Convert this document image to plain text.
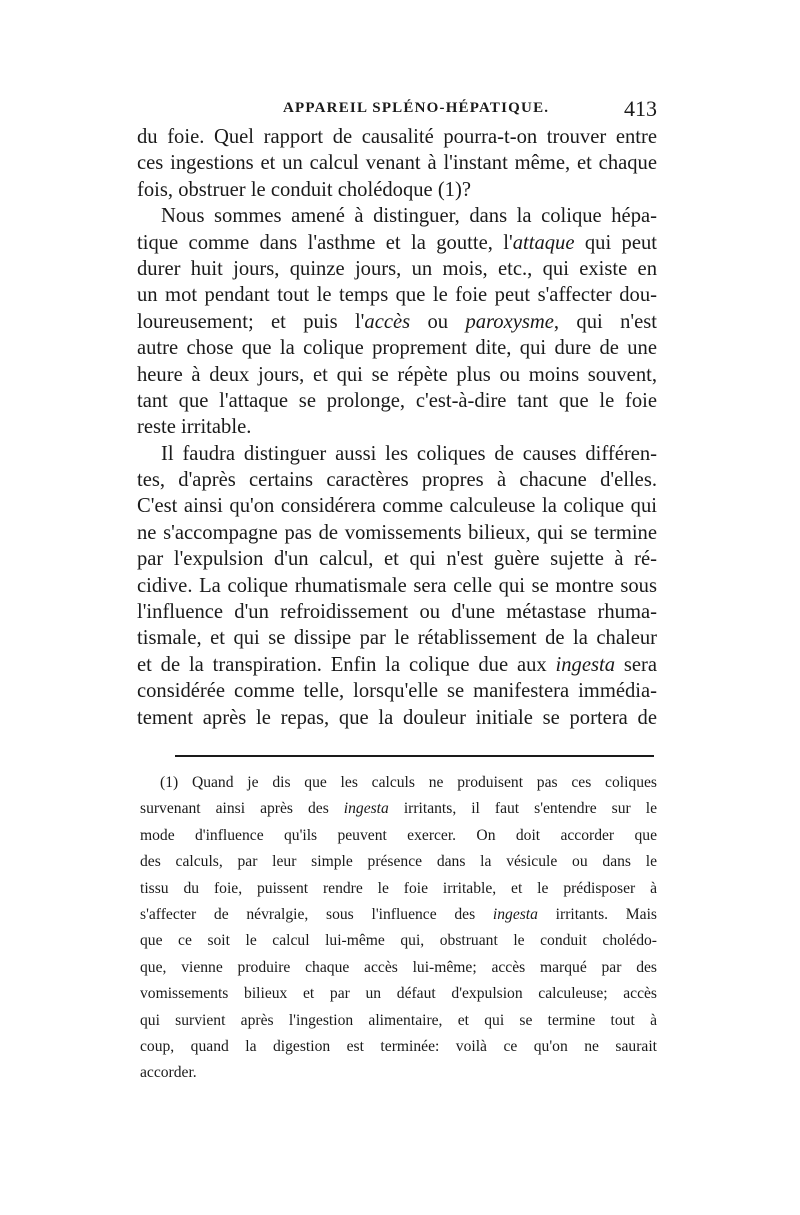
APPAREIL SPLÉNO-HÉPATIQUE.	413
du foie. Quel rapport de causalité pourra-t-on trouver entre
ces ingestions et un calcul venant à l'instant même, et chaque
fois, obstruer le conduit cholédoque (1)?
Nous sommes amené à distinguer, dans la colique hépa-
tique comme dans l'asthme et la goutte, l'attaque qui peut
durer huit jours, quinze jours, un mois, etc., qui existe en
un mot pendant tout le temps que le foie peut s'affecter dou-
loureusement; et puis l'accès ou paroxysme, qui n'est
autre chose que la colique proprement dite, qui dure de une
heure à deux jours, et qui se répète plus ou moins souvent,
tant que l'attaque se prolonge, c'est-à-dire tant que le foie
reste irritable.
Il faudra distinguer aussi les coliques de causes différen-
tes, d'après certains caractères propres à chacune d'elles.
C'est ainsi qu'on considérera comme calculeuse la colique qui
ne s'accompagne pas de vomissements bilieux, qui se termine
par l'expulsion d'un calcul, et qui n'est guère sujette à ré-
cidive. La colique rhumatismale sera celle qui se montre sous
l'influence d'un refroidissement ou d'une métastase rhuma-
tismale, et qui se dissipe par le rétablissement de la chaleur
et de la transpiration. Enfin la colique due aux ingesta sera
considérée comme telle, lorsqu'elle se manifestera immédia-
tement après le repas, que la douleur initiale se portera de
(1) Quand je dis que les calculs ne produisent pas ces coliques
survenant ainsi après des ingesta irritants, il faut s'entendre sur le
mode d'influence qu'ils peuvent exercer. On doit accorder que
des calculs, par leur simple présence dans la vésicule ou dans le
tissu du foie, puissent rendre le foie irritable, et le prédisposer à
s'affecter de névralgie, sous l'influence des ingesta irritants. Mais
que ce soit le calcul lui-même qui, obstruant le conduit cholédo-
que, vienne produire chaque accès lui-même; accès marqué par des
vomissements bilieux et par un défaut d'expulsion calculeuse; accès
qui survient après l'ingestion alimentaire, et qui se termine tout à
coup, quand la digestion est terminée: voilà ce qu'on ne saurait
accorder.
